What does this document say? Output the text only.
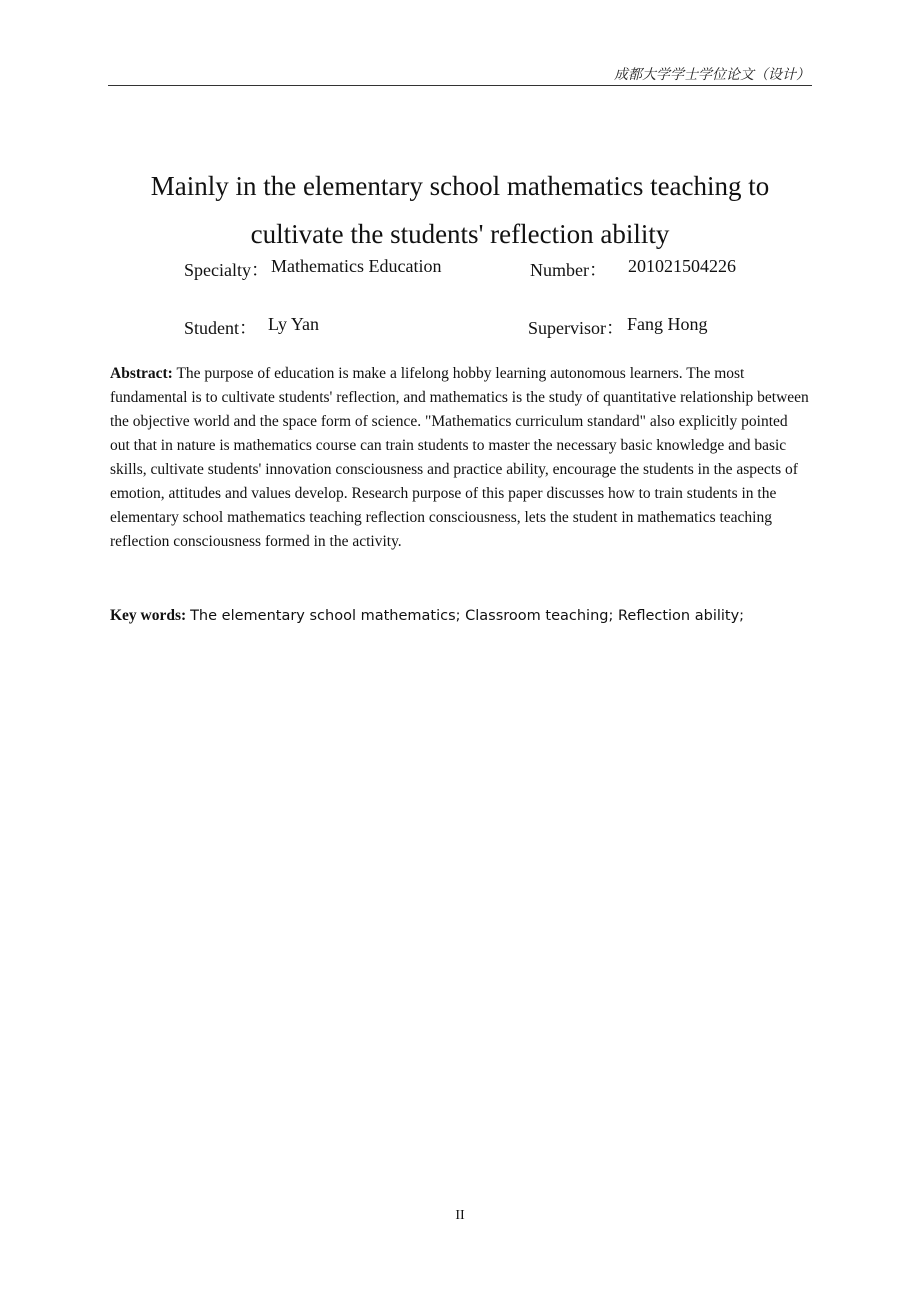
成都大学学士学位论文（设计）
Mainly in the elementary school mathematics teaching to
cultivate the students' reflection ability
Specialty： Mathematics Education	Number： 201021504226
Student： Ly Yan	Supervisor： Fang Hong

Abstract: The purpose of education is make a lifelong hobby learning autonomous learners. The most fundamental is to cultivate students' reflection, and mathematics is the study of quantitative relationship between the objective world and the space form of science. "Mathematics curriculum standard" also explicitly pointed out that in nature is mathematics course can train students to master the necessary basic knowledge and basic skills, cultivate students' innovation consciousness and practice ability, encourage the students in the aspects of emotion, attitudes and values develop. Research purpose of this paper discusses how to train students in the elementary school mathematics teaching reflection consciousness, lets the student in mathematics teaching reflection consciousness formed in the activity.

Key words: The elementary school mathematics; Classroom teaching; Reflection ability;

II
